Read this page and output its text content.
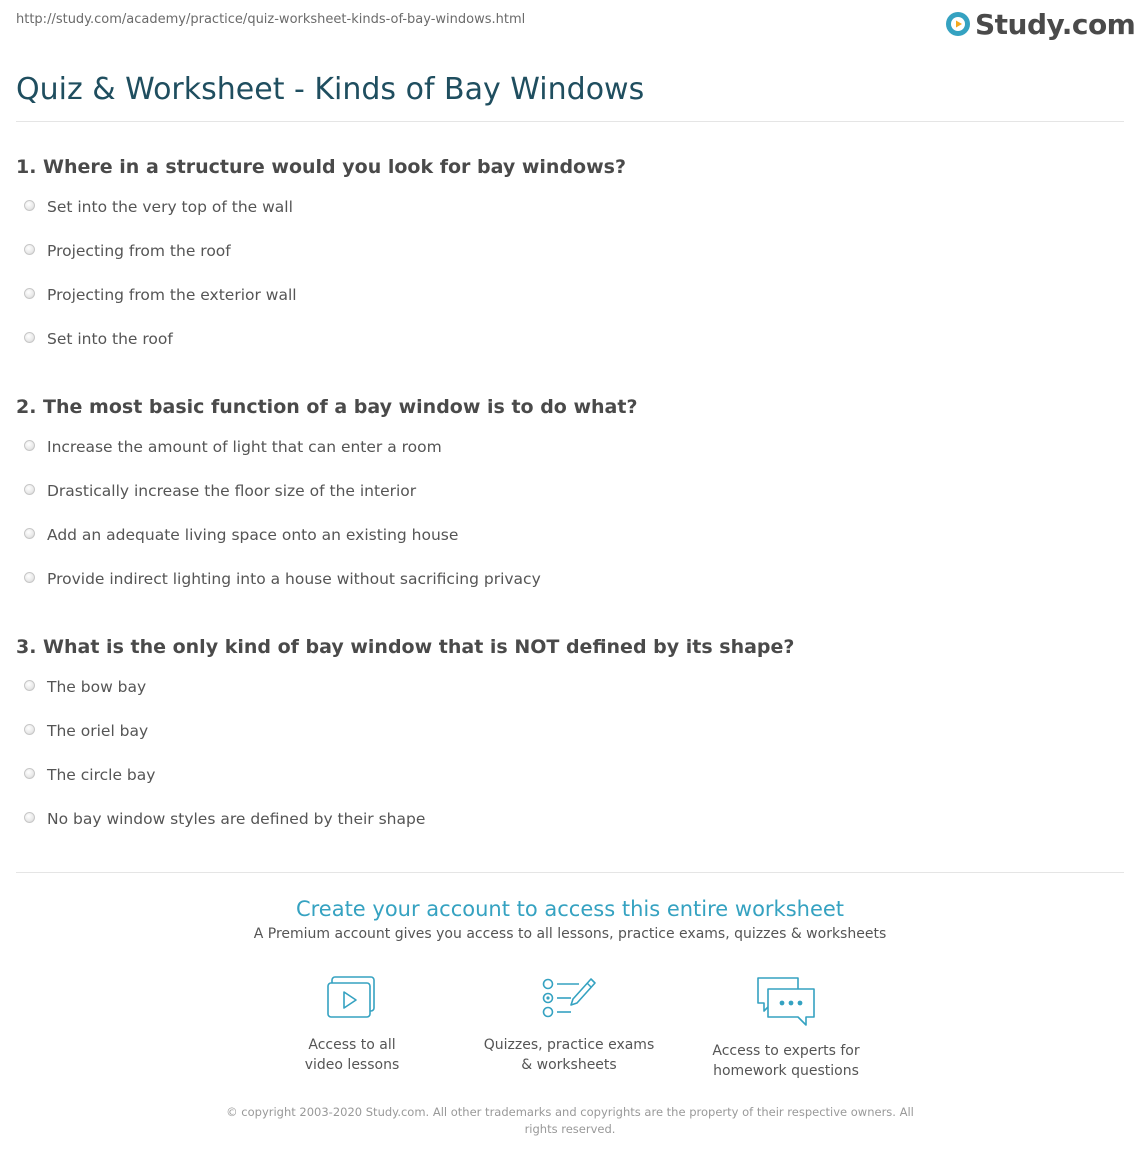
http://study.com/academy/practice/quiz-worksheet-kinds-of-bay-windows.html	Study.com
Quiz & Worksheet - Kinds of Bay Windows
1. Where in a structure would you look for bay windows?
Set into the very top of the wall
Projecting from the roof
Projecting from the exterior wall
Set into the roof
2. The most basic function of a bay window is to do what?
Increase the amount of light that can enter a room
Drastically increase the floor size of the interior
Add an adequate living space onto an existing house
Provide indirect lighting into a house without sacrificing privacy
3. What is the only kind of bay window that is NOT defined by its shape?
The bow bay
The oriel bay
The circle bay
No bay window styles are defined by their shape
Create your account to access this entire worksheet
A Premium account gives you access to all lessons, practice exams, quizzes & worksheets
Access to all
video lessons
Quizzes, practice exams
& worksheets
Access to experts for
homework questions
© copyright 2003-2020 Study.com. All other trademarks and copyrights are the property of their respective owners. All rights reserved.
